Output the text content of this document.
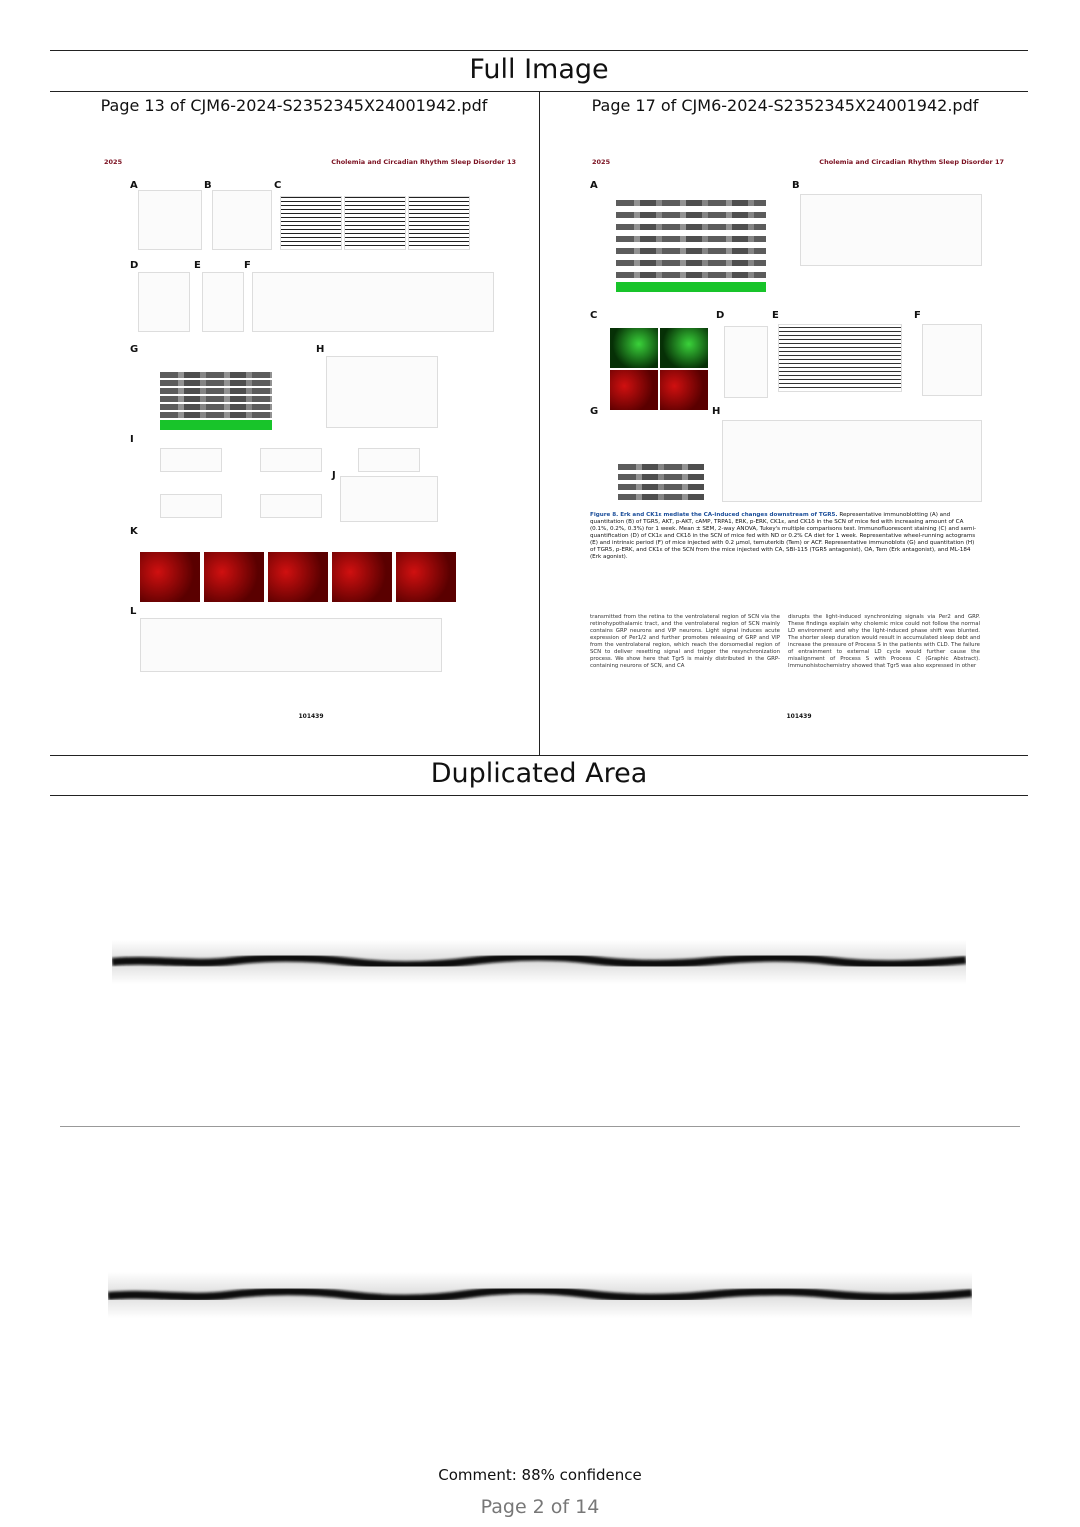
Full Image
Page 13 of CJM6-2024-S2352345X24001942.pdf
2025	Cholemia and Circadian Rhythm Sleep Disorder 13
A	B	C
D	E	F
G	H
I
J
K
L
101439
Page 17 of CJM6-2024-S2352345X24001942.pdf
2025	Cholemia and Circadian Rhythm Sleep Disorder 17
A	B
C	D	E	F
G	H
Figure 8. Erk and CK1ε mediate the CA-induced changes downstream of TGR5. Representative immunoblotting (A) and quantitation (B) of TGR5, AKT, p-AKT, cAMP, TRPA1, ERK, p-ERK, CK1ε, and CK1δ in the SCN of mice fed with increasing amount of CA (0.1%, 0.2%, 0.3%) for 1 week. Mean ± SEM, 2-way ANOVA, Tukey's multiple comparisons test. Immunofluorescent staining (C) and semi-quantification (D) of CK1ε and CK1δ in the SCN of mice fed with ND or 0.2% CA diet for 1 week. Representative wheel-running actograms (E) and intrinsic period (F) of mice injected with 0.2 μmol, temuterkib (Tem) or ACF. Representative immunoblots (G) and quantitation (H) of TGR5, p-ERK, and CK1ε of the SCN from the mice injected with CA, SBI-115 (TGR5 antagonist), OA, Tem (Erk antagonist), and ML-184 (Erk agonist).
transmitted from the retina to the ventrolateral region of SCN via the retinohypothalamic tract, and the ventrolateral region of SCN mainly contains GRP neurons and VIP neurons. Light signal induces acute expression of Per1/2 and further promotes releasing of GRP and VIP from the ventrolateral region, which reach the dorsomedial region of SCN to deliver resetting signal and trigger the resynchronization process. We show here that Tgr5 is mainly distributed in the GRP-containing neurons of SCN, and CA
disrupts the light-induced synchronizing signals via Per2 and GRP. These findings explain why cholemic mice could not follow the normal LD environment and why the light-induced phase shift was blunted. The shorter sleep duration would result in accumulated sleep debt and increase the pressure of Process S in the patients with CLD. The failure of entrainment to external LD cycle would further cause the misalignment of Process S with Process C (Graphic Abstract). Immunohistochemistry showed that Tgr5 was also expressed in other
101439
Duplicated Area
Comment: 88% confidence
Page 2 of 14
